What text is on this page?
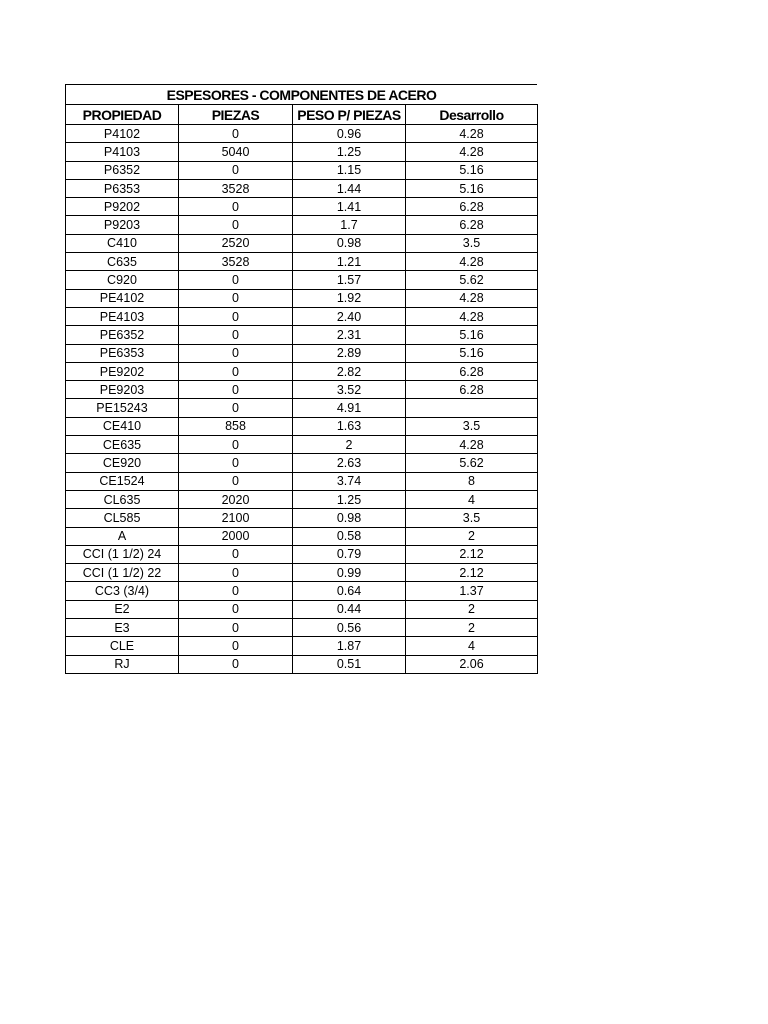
ESPESORES - COMPONENTES DE ACERO
PROPIEDAD	PIEZAS	PESO P/ PIEZAS	Desarrollo
P4102	0	0.96	4.28
P4103	5040	1.25	4.28
P6352	0	1.15	5.16
P6353	3528	1.44	5.16
P9202	0	1.41	6.28
P9203	0	1.7	6.28
C410	2520	0.98	3.5
C635	3528	1.21	4.28
C920	0	1.57	5.62
PE4102	0	1.92	4.28
PE4103	0	2.40	4.28
PE6352	0	2.31	5.16
PE6353	0	2.89	5.16
PE9202	0	2.82	6.28
PE9203	0	3.52	6.28
PE15243	0	4.91	
CE410	858	1.63	3.5
CE635	0	2	4.28
CE920	0	2.63	5.62
CE1524	0	3.74	8
CL635	2020	1.25	4
CL585	2100	0.98	3.5
A	2000	0.58	2
CCI (1 1/2) 24	0	0.79	2.12
CCI (1 1/2) 22	0	0.99	2.12
CC3 (3/4)	0	0.64	1.37
E2	0	0.44	2
E3	0	0.56	2
CLE	0	1.87	4
RJ	0	0.51	2.06
